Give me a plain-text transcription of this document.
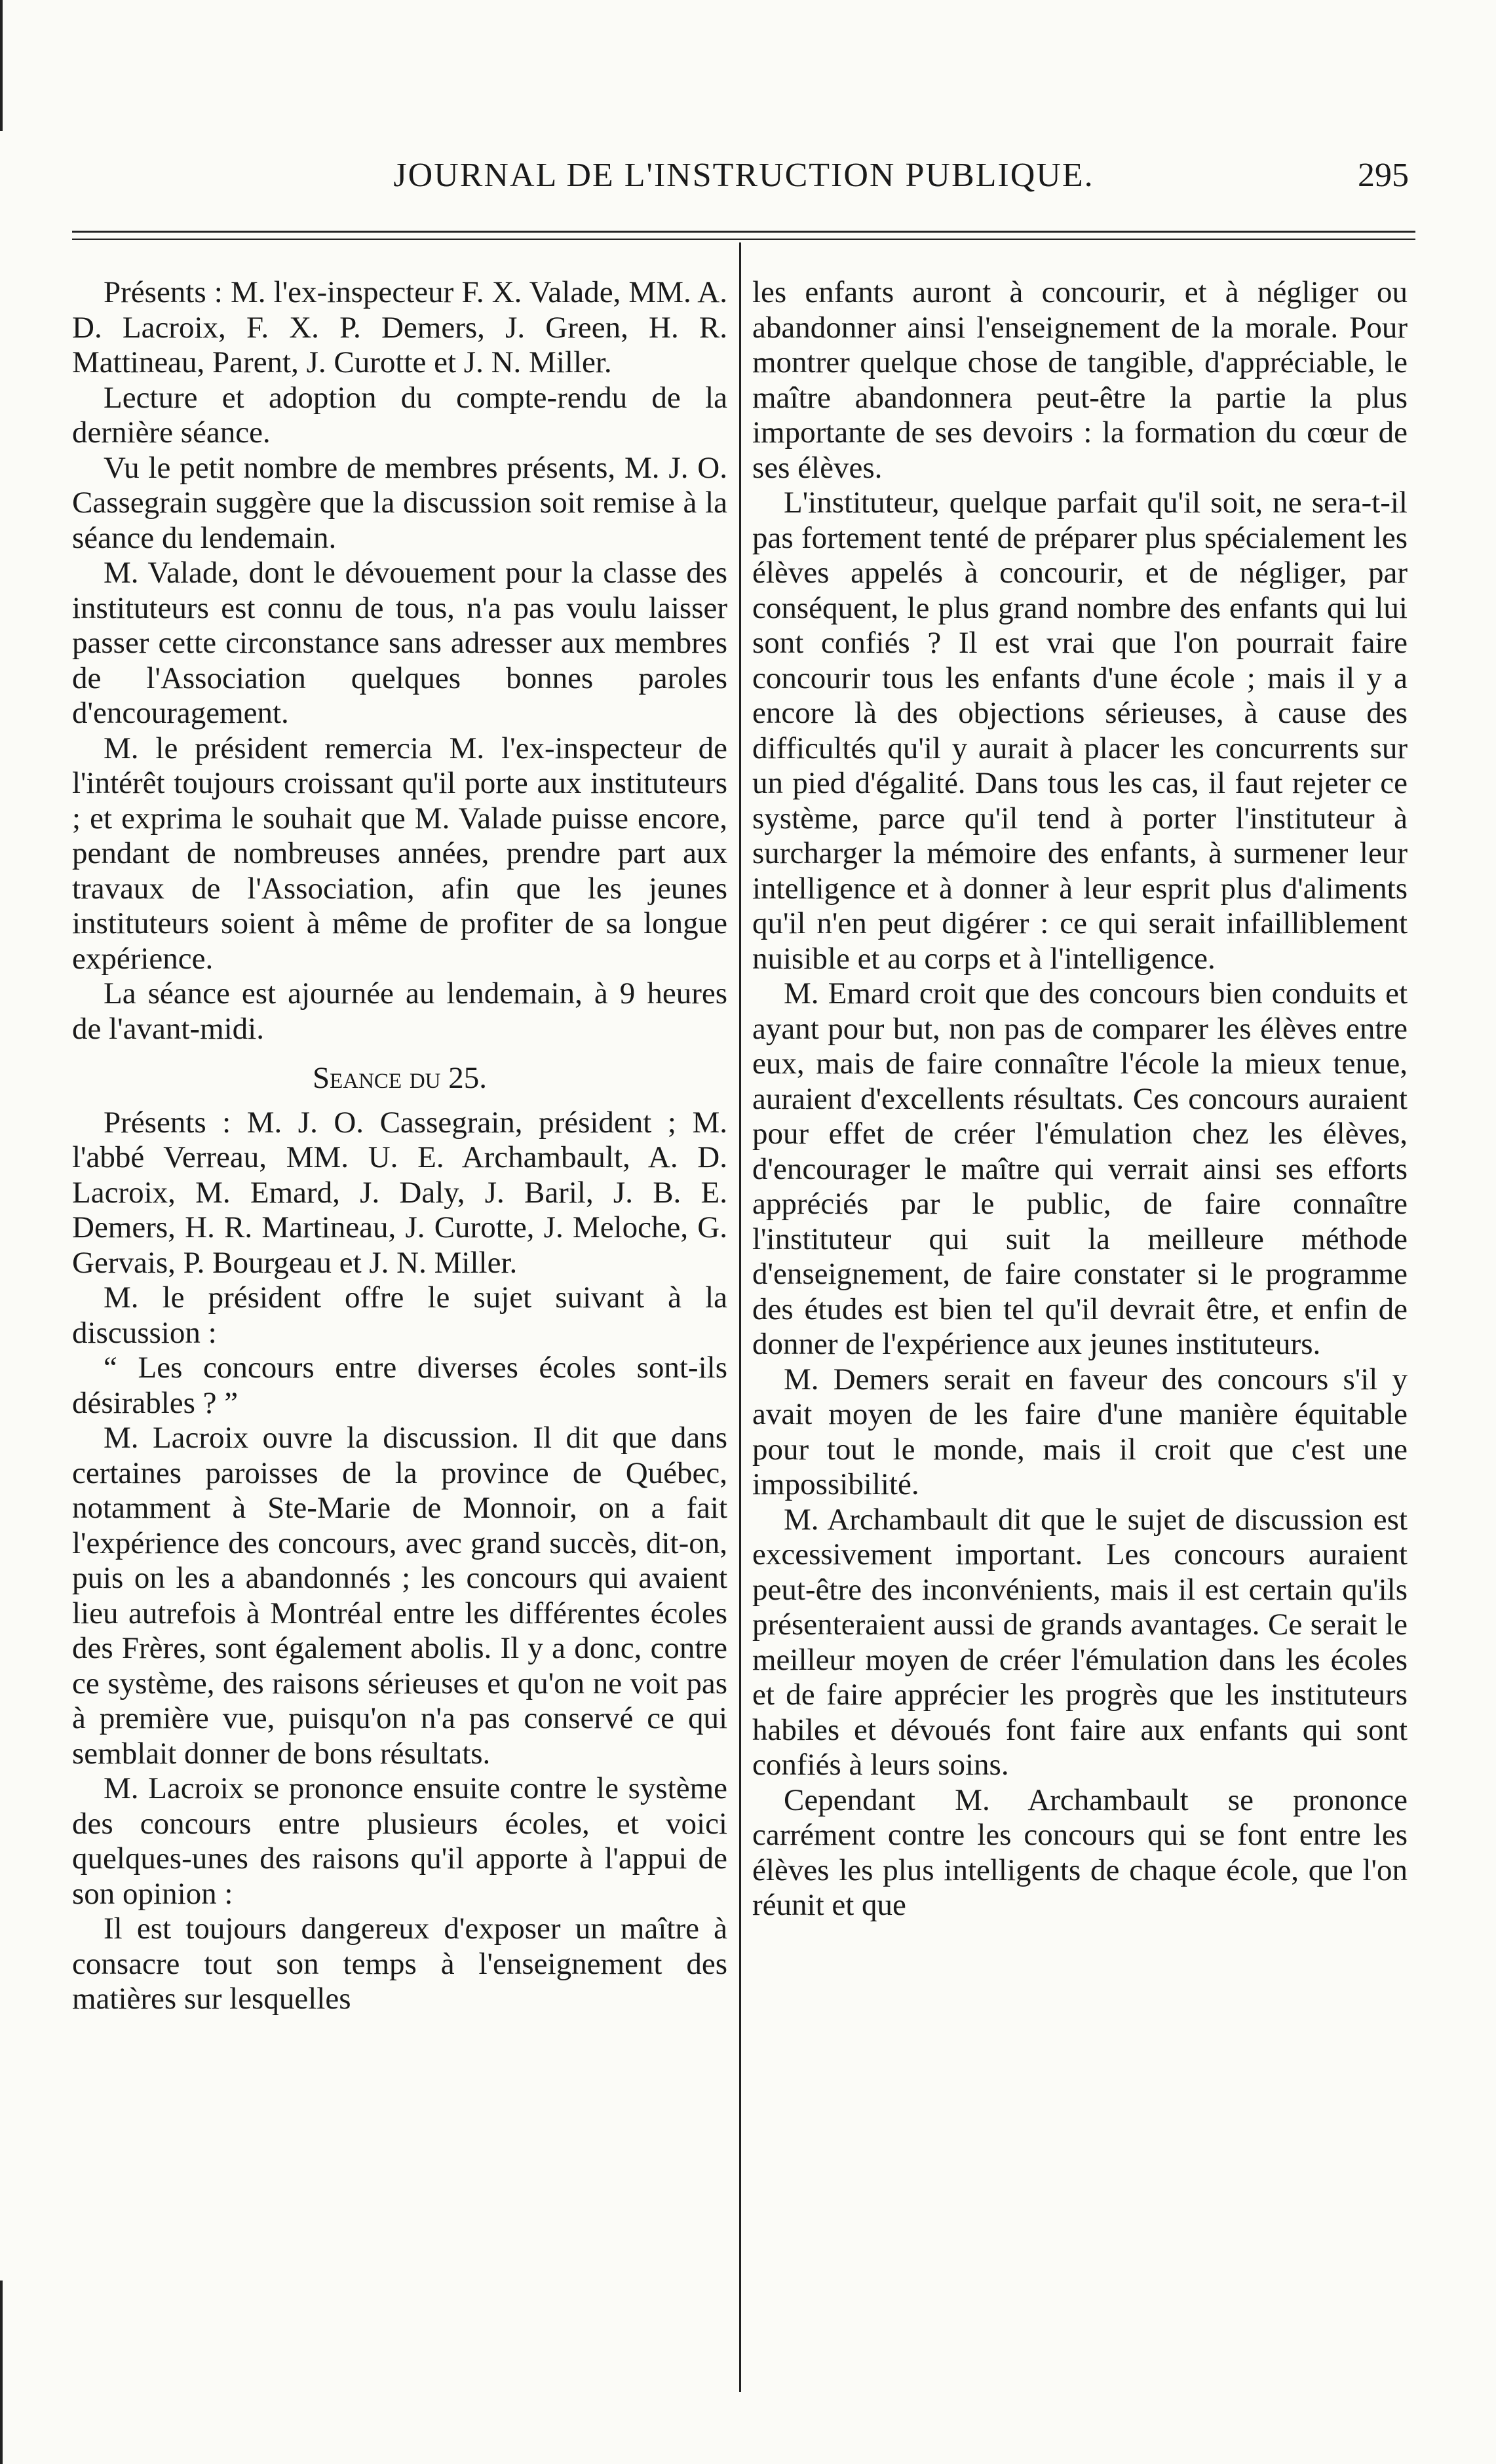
JOURNAL DE L'INSTRUCTION PUBLIQUE.	295

Présents : M. l'ex-inspecteur F. X. Valade, MM. A. D. Lacroix, F. X. P. Demers, J. Green, H. R. Mattineau, Parent, J. Curotte et J. N. Miller.

Lecture et adoption du compte-rendu de la dernière séance.

Vu le petit nombre de membres présents, M. J. O. Cassegrain suggère que la discussion soit remise à la séance du lendemain.

M. Valade, dont le dévouement pour la classe des instituteurs est connu de tous, n'a pas voulu laisser passer cette circonstance sans adresser aux membres de l'Association quelques bonnes paroles d'encouragement.

M. le président remercia M. l'ex-inspecteur de l'intérêt toujours croissant qu'il porte aux instituteurs ; et exprima le souhait que M. Valade puisse encore, pendant de nombreuses années, prendre part aux travaux de l'Association, afin que les jeunes instituteurs soient à même de profiter de sa longue expérience.

La séance est ajournée au lendemain, à 9 heures de l'avant-midi.

Seance du 25.

Présents : M. J. O. Cassegrain, président ; M. l'abbé Verreau, MM. U. E. Archambault, A. D. Lacroix, M. Emard, J. Daly, J. Baril, J. B. E. Demers, H. R. Martineau, J. Curotte, J. Meloche, G. Gervais, P. Bourgeau et J. N. Miller.

M. le président offre le sujet suivant à la discussion :

“ Les concours entre diverses écoles sont-ils désirables ? ”

M. Lacroix ouvre la discussion. Il dit que dans certaines paroisses de la province de Québec, notamment à Ste-Marie de Monnoir, on a fait l'expérience des concours, avec grand succès, dit-on, puis on les a abandonnés ; les concours qui avaient lieu autrefois à Montréal entre les différentes écoles des Frères, sont également abolis. Il y a donc, contre ce système, des raisons sérieuses et qu'on ne voit pas à première vue, puisqu'on n'a pas conservé ce qui semblait donner de bons résultats.

M. Lacroix se prononce ensuite contre le système des concours entre plusieurs écoles, et voici quelques-unes des raisons qu'il apporte à l'appui de son opinion :

Il est toujours dangereux d'exposer un maître à consacre tout son temps à l'enseignement des matières sur lesquelles

les enfants auront à concourir, et à négliger ou abandonner ainsi l'enseignement de la morale. Pour montrer quelque chose de tangible, d'appréciable, le maître abandonnera peut-être la partie la plus importante de ses devoirs : la formation du cœur de ses élèves.

L'instituteur, quelque parfait qu'il soit, ne sera-t-il pas fortement tenté de préparer plus spécialement les élèves appelés à concourir, et de négliger, par conséquent, le plus grand nombre des enfants qui lui sont confiés ? Il est vrai que l'on pourrait faire concourir tous les enfants d'une école ; mais il y a encore là des objections sérieuses, à cause des difficultés qu'il y aurait à placer les concurrents sur un pied d'égalité. Dans tous les cas, il faut rejeter ce système, parce qu'il tend à porter l'instituteur à surcharger la mémoire des enfants, à surmener leur intelligence et à donner à leur esprit plus d'aliments qu'il n'en peut digérer : ce qui serait infailliblement nuisible et au corps et à l'intelligence.

M. Emard croit que des concours bien conduits et ayant pour but, non pas de comparer les élèves entre eux, mais de faire connaître l'école la mieux tenue, auraient d'excellents résultats. Ces concours auraient pour effet de créer l'émulation chez les élèves, d'encourager le maître qui verrait ainsi ses efforts appréciés par le public, de faire connaître l'instituteur qui suit la meilleure méthode d'enseignement, de faire constater si le programme des études est bien tel qu'il devrait être, et enfin de donner de l'expérience aux jeunes instituteurs.

M. Demers serait en faveur des concours s'il y avait moyen de les faire d'une manière équitable pour tout le monde, mais il croit que c'est une impossibilité.

M. Archambault dit que le sujet de discussion est excessivement important. Les concours auraient peut-être des inconvénients, mais il est certain qu'ils présenteraient aussi de grands avantages. Ce serait le meilleur moyen de créer l'émulation dans les écoles et de faire apprécier les progrès que les instituteurs habiles et dévoués font faire aux enfants qui sont confiés à leurs soins.

Cependant M. Archambault se prononce carrément contre les concours qui se font entre les élèves les plus intelligents de chaque école, que l'on réunit et que
